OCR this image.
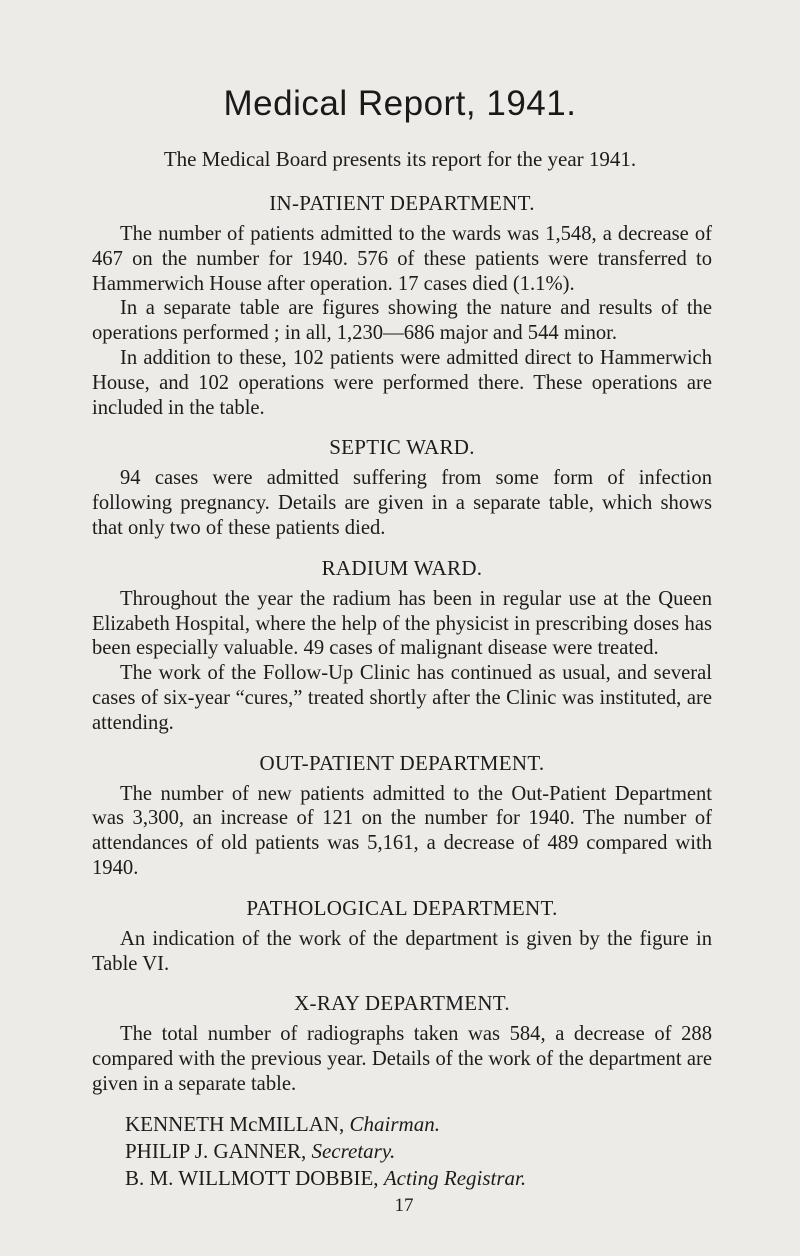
Medical Report, 1941.
The Medical Board presents its report for the year 1941.
IN-PATIENT DEPARTMENT.

The number of patients admitted to the wards was 1,548, a decrease of 467 on the number for 1940. 576 of these patients were transferred to Hammerwich House after operation. 17 cases died (1.1%).

In a separate table are figures showing the nature and results of the operations performed ; in all, 1,230—686 major and 544 minor.

In addition to these, 102 patients were admitted direct to Hammerwich House, and 102 operations were performed there. These operations are included in the table.

SEPTIC WARD.

94 cases were admitted suffering from some form of infection following pregnancy. Details are given in a separate table, which shows that only two of these patients died.

RADIUM WARD.

Throughout the year the radium has been in regular use at the Queen Elizabeth Hospital, where the help of the physicist in prescribing doses has been especially valuable. 49 cases of malignant disease were treated.

The work of the Follow-Up Clinic has continued as usual, and several cases of six-year “cures,” treated shortly after the Clinic was instituted, are attending.

OUT-PATIENT DEPARTMENT.

The number of new patients admitted to the Out-Patient Department was 3,300, an increase of 121 on the number for 1940. The number of attendances of old patients was 5,161, a decrease of 489 compared with 1940.

PATHOLOGICAL DEPARTMENT.

An indication of the work of the department is given by the figure in Table VI.

X-RAY DEPARTMENT.

The total number of radiographs taken was 584, a decrease of 288 compared with the previous year. Details of the work of the department are given in a separate table.

KENNETH McMILLAN, Chairman.
PHILIP J. GANNER, Secretary.
B. M. WILLMOTT DOBBIE, Acting Registrar.
17
